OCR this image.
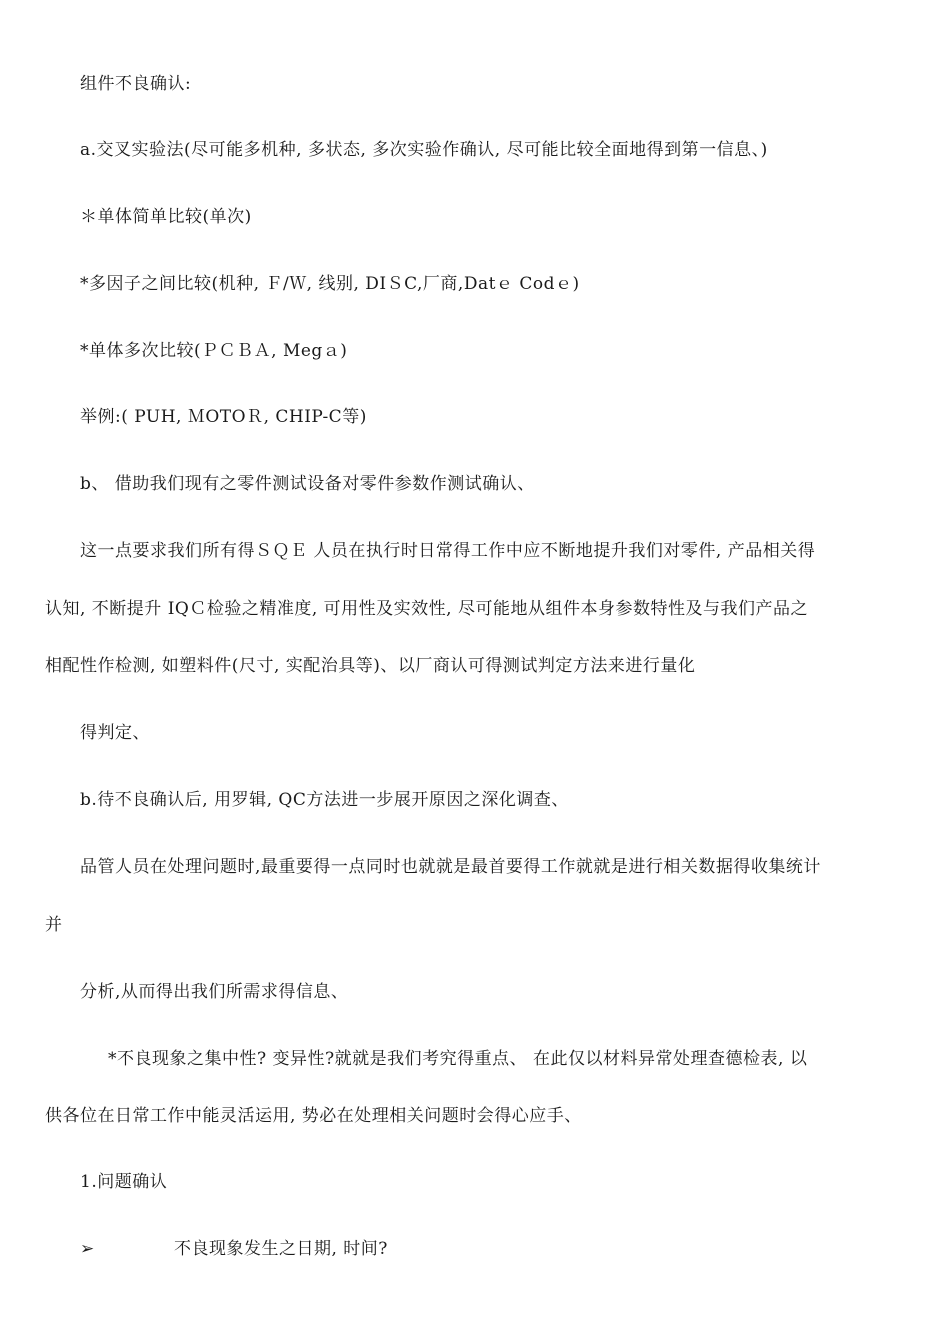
组件不良确认:
a.交叉实验法(尽可能多机种, 多状态, 多次实验作确认, 尽可能比较全面地得到第一信息、)
＊单体简单比较(单次)
*多因子之间比较(机种, Ｆ/Ｗ, 线别, DIＳC,厂商,Datｅ Codｅ)
*单体多次比较(ＰＣＢＡ, Megａ)
举例:( PUH, ＭOTOＲ, CHIP-C等)
b、 借助我们现有之零件测试设备对零件参数作测试确认、
这一点要求我们所有得ＳＱＥ 人员在执行时日常得工作中应不断地提升我们对零件, 产品相关得
认知, 不断提升 IQＣ检验之精准度, 可用性及实效性, 尽可能地从组件本身参数特性及与我们产品之
相配性作检测, 如塑料件(尺寸, 实配治具等)、以厂商认可得测试判定方法来进行量化
得判定、
b.待不良确认后, 用罗辑, QC方法进一步展开原因之深化调查、
品管人员在处理问题时,最重要得一点同时也就就是最首要得工作就就是进行相关数据得收集统计
并
分析,从而得出我们所需求得信息、
*不良现象之集中性? 变异性?就就是我们考究得重点、 在此仅以材料异常处理查德检表, 以
供各位在日常工作中能灵活运用, 势必在处理相关问题时会得心应手、
1.问题确认
➢	不良现象发生之日期, 时间?
